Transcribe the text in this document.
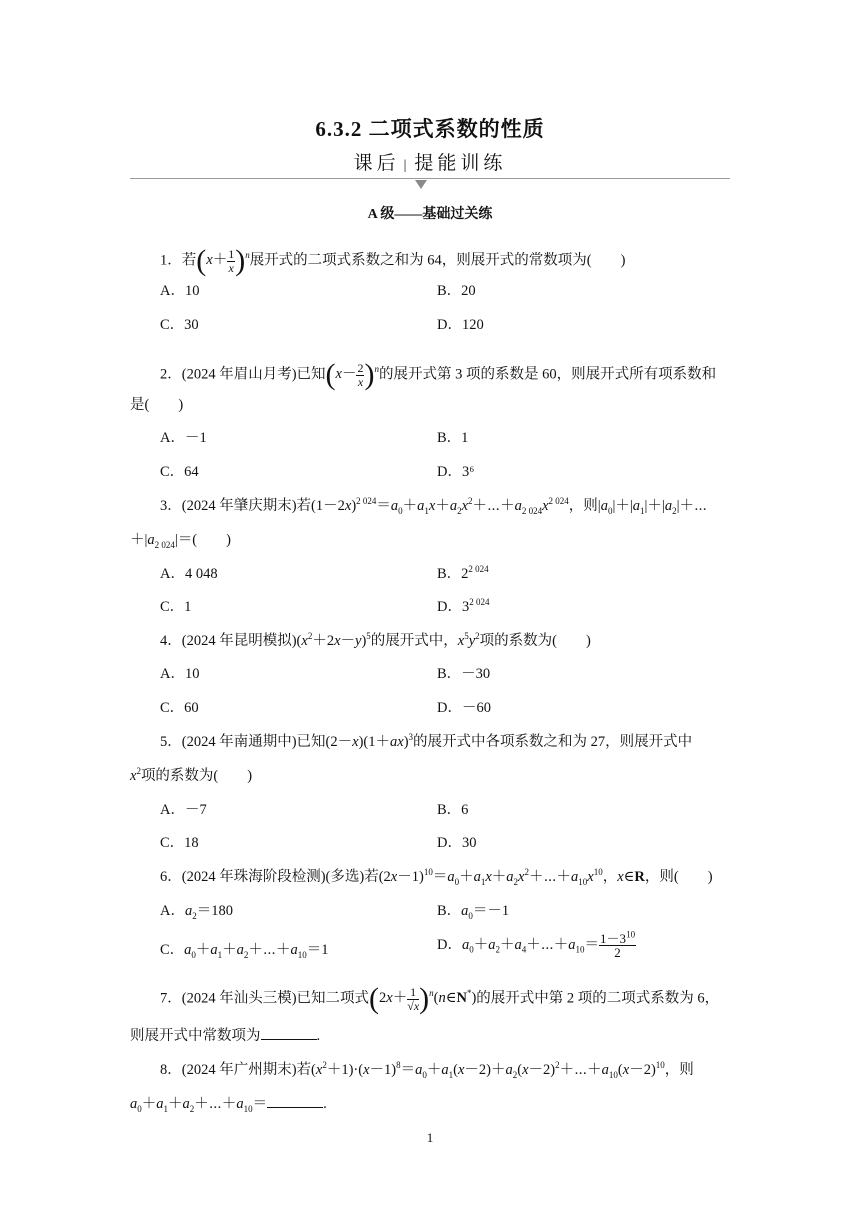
6.3.2 二项式系数的性质
课后 | 提能训练
A 级——基础过关练
1．若$(x+ \frac{1}{x} )^n$展开式的二项式系数之和为 64，则展开式的常数项为(　　)
A．10	B．20
C．30	D．120
2．(2024 年眉山月考)已知$(x- \frac{2}{x} )^n$的展开式第 3 项的系数是 60，则展开式所有项系数和
是(　　)
A．－1	B．1
C．64	D．3⁶
3．(2024 年肇庆期末)若$(1-2x)^{2 024}=a_0+a_1x+a_2x^2+\cdots+a_{2 024}x^{2 024}$，则$|a_0|+|a_1|+|a_2|+\cdots$
$+|a_{2 024}|=$(　　)
A．4 048	B．$2^{2 024}$
C．1	D．$3^{2 024}$
4．(2024 年昆明模拟)$(x^2+2x-y)^5$的展开式中，$x^5y^2$项的系数为(　　)
A．10	B．－30
C．60	D．－60
5．(2024 年南通期中)已知$(2-x)(1+ax)^3$的展开式中各项系数之和为 27，则展开式中
$x^2$项的系数为(　　)
A．－7	B．6
C．18	D．30
6．(2024 年珠海阶段检测)(多选)若$(2x-1)^{10}=a_0+a_1x+a_2x^2+\cdots+a_{10}x^{10}$，x∈R，则(　　)
A．$a_2=180$	B．$a_0=-1$
C．$a_0+a_1+a_2+\cdots+a_{10}=1$	D．$a_0+a_2+a_4+\cdots+a_{10}= \frac{1-3^{10}}{2}$
7．(2024 年汕头三模)已知二项式($2x+ \frac{1}{√x}$ )$^n(n\in N^*)$的展开式中第 2 项的二项式系数为 6，
则展开式中常数项为	.
8．(2024 年广州期末)若$(x^2+1)\cdot(x-1)^8=a_0+a_1(x-2)+a_2(x-2)^2+\cdots+a_{10}(x-2)^{10}$，则
$a_0+a_1+a_2+\cdots+a_{10}=$	.
1
